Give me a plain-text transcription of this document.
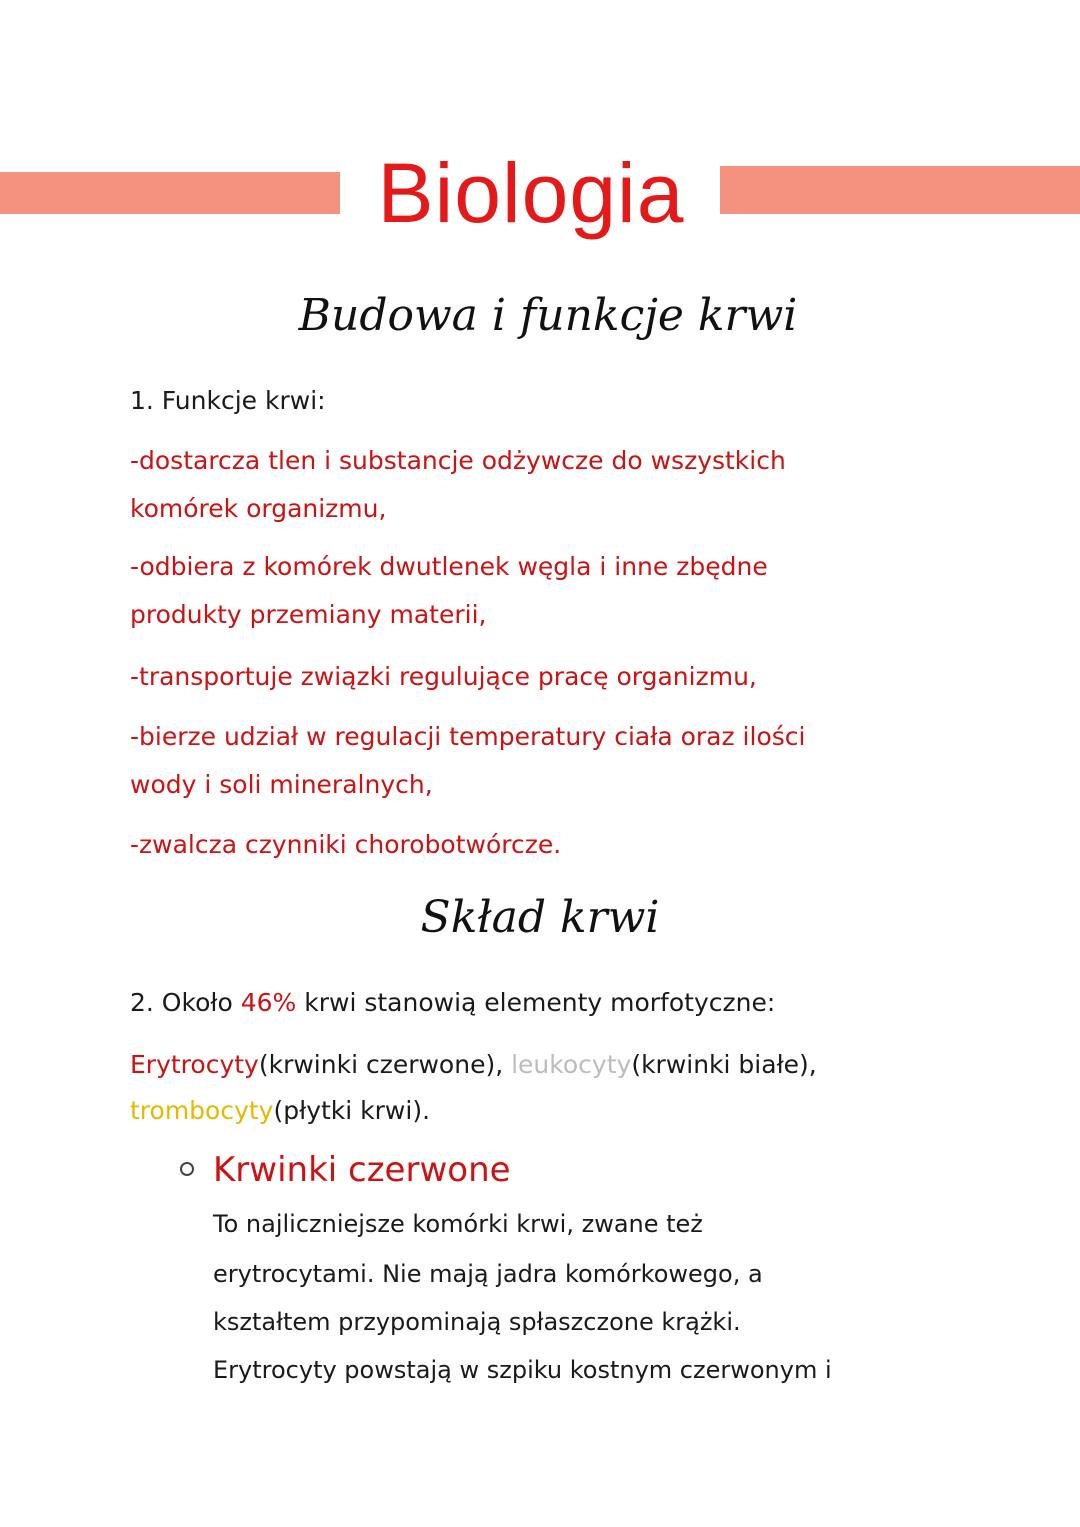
Biologia
Budowa i funkcje krwi
1. Funkcje krwi:
-dostarcza tlen i substancje odżywcze do wszystkich
komórek organizmu,
-odbiera z komórek dwutlenek węgla i inne zbędne
produkty przemiany materii,
-transportuje związki regulujące pracę organizmu,
-bierze udział w regulacji temperatury ciała oraz ilości
wody i soli mineralnych,
-zwalcza czynniki chorobotwórcze.
Skład krwi
2. Około 46% krwi stanowią elementy morfotyczne:
Erytrocyty(krwinki czerwone), leukocyty(krwinki białe),
trombocyty(płytki krwi).
Krwinki czerwone
To najliczniejsze komórki krwi, zwane też
erytrocytami. Nie mają jadra komórkowego, a
kształtem przypominają spłaszczone krążki.
Erytrocyty powstają w szpiku kostnym czerwonym i
